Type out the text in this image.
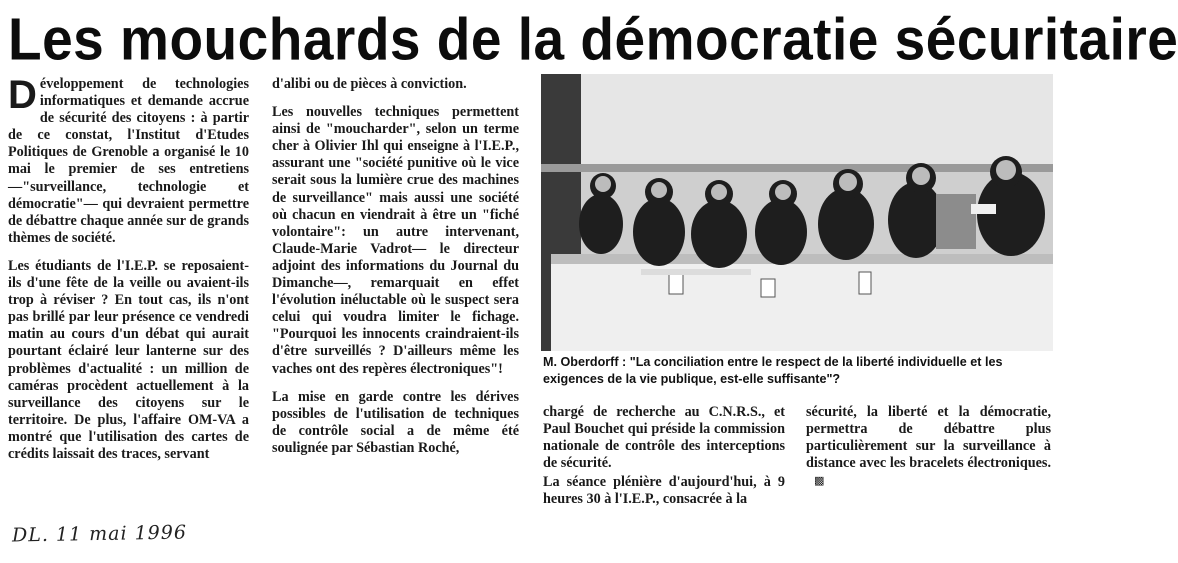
Les mouchards de la démocratie sécuritaire

Développement de technologies informatiques et demande accrue de sécurité des citoyens : à partir de ce constat, l'Institut d'Etudes Politiques de Grenoble a organisé le 10 mai le premier de ses entretiens —"surveillance, technologie et démocratie"— qui devraient permettre de débattre chaque année sur de grands thèmes de société.

Les étudiants de l'I.E.P. se reposaient-ils d'une fête de la veille ou avaient-ils trop à réviser ? En tout cas, ils n'ont pas brillé par leur présence ce vendredi matin au cours d'un débat qui aurait pourtant éclairé leur lanterne sur des problèmes d'actualité : un million de caméras procèdent actuellement à la surveillance des citoyens sur le territoire. De plus, l'affaire OM-VA a montré que l'utilisation des cartes de crédits laissait des traces, servant

d'alibi ou de pièces à conviction.

Les nouvelles techniques permettent ainsi de "moucharder", selon un terme cher à Olivier Ihl qui enseigne à l'I.E.P., assurant une "société punitive où le vice serait sous la lumière crue des machines de surveillance" mais aussi une société où chacun en viendrait à être un "fiché volontaire": un autre intervenant, Claude-Marie Vadrot— le directeur adjoint des informations du Journal du Dimanche—, remarquait en effet l'évolution inéluctable où le suspect sera celui qui voudra limiter le fichage. "Pourquoi les innocents craindraient-ils d'être surveillés ? D'ailleurs même les vaches ont des repères électroniques"!

La mise en garde contre les dérives possibles de l'utilisation de techniques de contrôle social a de même été soulignée par Sébastian Roché,

M. Oberdorff : "La conciliation entre le respect de la liberté individuelle et les exigences de la vie publique, est-elle suffisante"?

chargé de recherche au C.N.R.S., et Paul Bouchet qui préside la commission nationale de contrôle des interceptions de sécurité.

La séance plénière d'aujourd'hui, à 9 heures 30 à l'I.E.P., consacrée à la

sécurité, la liberté et la démocratie, permettra de débattre plus particulièrement sur la surveillance à distance avec les bracelets électroniques.▩

DL. 11 mai 1996
